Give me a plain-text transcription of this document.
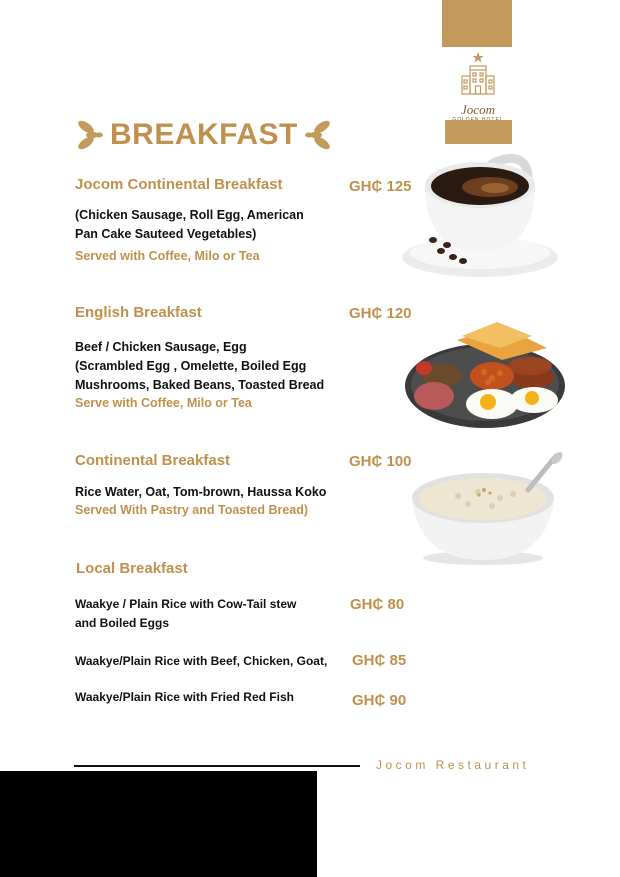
Jocom
BREAKFAST
Jocom Continental Breakfast	GH₵ 125
(Chicken Sausage, Roll Egg, American
Pan Cake Sauteed Vegetables)
Served with Coffee, Milo or Tea
English Breakfast	GH₵ 120
Beef / Chicken Sausage, Egg
(Scrambled Egg , Omelette, Boiled Egg
Mushrooms, Baked Beans, Toasted Bread
Serve with Coffee, Milo or Tea
Continental Breakfast	GH₵ 100
Rice Water, Oat, Tom-brown, Haussa Koko
Served With Pastry and Toasted Bread)
Local Breakfast
Waakye / Plain Rice with Cow-Tail stew
and Boiled Eggs
GH₵ 80
Waakye/Plain Rice with Beef, Chicken, Goat, GH₵ 85
Waakye/Plain Rice with Fried Red Fish	GH₵ 90
Jocom Restaurant
